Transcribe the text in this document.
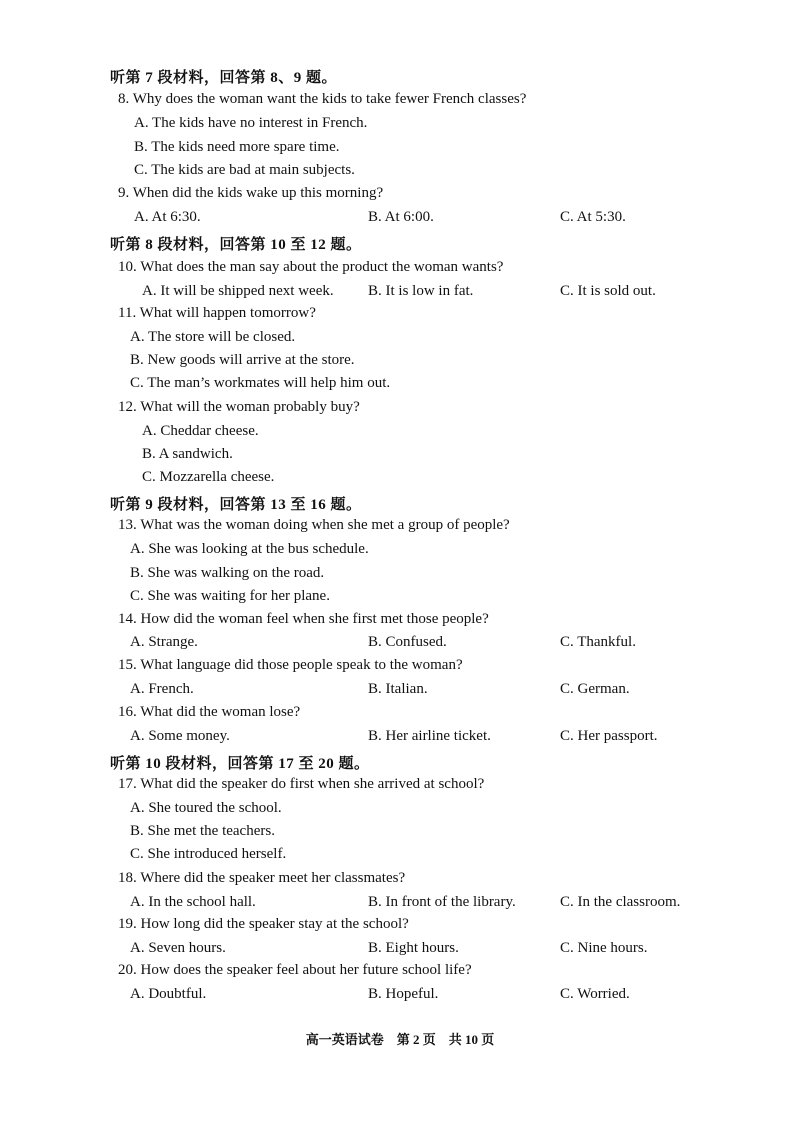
听第 7 段材料，回答第 8、9 题。
8. Why does the woman want the kids to take fewer French classes?
A. The kids have no interest in French.
B. The kids need more spare time.
C. The kids are bad at main subjects.
9. When did the kids wake up this morning?
A. At 6:30.	B. At 6:00.	C. At 5:30.
听第 8 段材料，回答第 10 至 12 题。
10. What does the man say about the product the woman wants?
A. It will be shipped next week. B. It is low in fat.	C. It is sold out.
11. What will happen tomorrow?
A. The store will be closed.
B. New goods will arrive at the store.
C. The man’s workmates will help him out.
12. What will the woman probably buy?
A. Cheddar cheese.
B. A sandwich.
C. Mozzarella cheese.
听第 9 段材料，回答第 13 至 16 题。
13. What was the woman doing when she met a group of people?
A. She was looking at the bus schedule.
B. She was walking on the road.
C. She was waiting for her plane.
14. How did the woman feel when she first met those people?
A. Strange.	B. Confused.	C. Thankful.
15. What language did those people speak to the woman?
A. French.	B. Italian.	C. German.
16. What did the woman lose?
A. Some money.	B. Her airline ticket.	C. Her passport.
听第 10 段材料，回答第 17 至 20 题。
17. What did the speaker do first when she arrived at school?
A. She toured the school.
B. She met the teachers.
C. She introduced herself.
18. Where did the speaker meet her classmates?
A. In the school hall.	B. In front of the library.	C. In the classroom.
19. How long did the speaker stay at the school?
A. Seven hours.	B. Eight hours.	C. Nine hours.
20. How does the speaker feel about her future school life?
A. Doubtful.	B. Hopeful.	C. Worried.
高一英语试卷　第 2 页　共 10 页
